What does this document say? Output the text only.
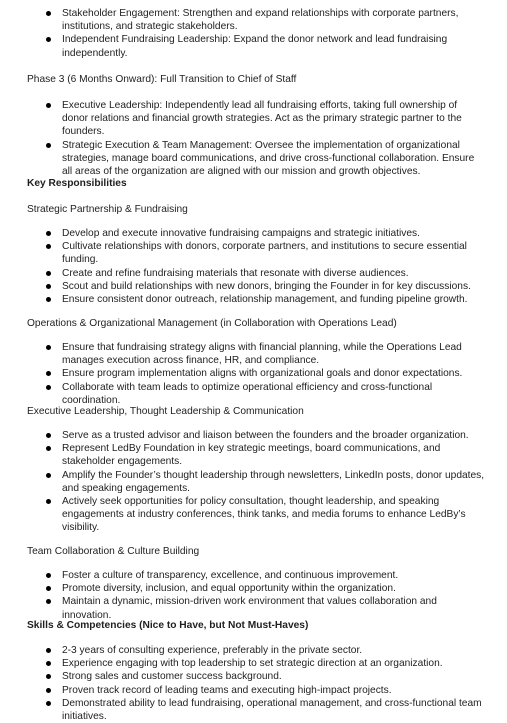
Stakeholder Engagement: Strengthen and expand relationships with corporate partners, institutions, and strategic stakeholders.
Independent Fundraising Leadership: Expand the donor network and lead fundraising independently.

Phase 3 (6 Months Onward): Full Transition to Chief of Staff

Executive Leadership: Independently lead all fundraising efforts, taking full ownership of donor relations and financial growth strategies. Act as the primary strategic partner to the founders.
Strategic Execution & Team Management: Oversee the implementation of organizational strategies, manage board communications, and drive cross-functional collaboration. Ensure all areas of the organization are aligned with our mission and growth objectives.

Key Responsibilities

Strategic Partnership & Fundraising

Develop and execute innovative fundraising campaigns and strategic initiatives.
Cultivate relationships with donors, corporate partners, and institutions to secure essential funding.
Create and refine fundraising materials that resonate with diverse audiences.
Scout and build relationships with new donors, bringing the Founder in for key discussions.
Ensure consistent donor outreach, relationship management, and funding pipeline growth.

Operations & Organizational Management (in Collaboration with Operations Lead)

Ensure that fundraising strategy aligns with financial planning, while the Operations Lead manages execution across finance, HR, and compliance.
Ensure program implementation aligns with organizational goals and donor expectations.
Collaborate with team leads to optimize operational efficiency and cross-functional coordination.

Executive Leadership, Thought Leadership & Communication

Serve as a trusted advisor and liaison between the founders and the broader organization.
Represent LedBy Foundation in key strategic meetings, board communications, and stakeholder engagements.
Amplify the Founder’s thought leadership through newsletters, LinkedIn posts, donor updates, and speaking engagements.
Actively seek opportunities for policy consultation, thought leadership, and speaking engagements at industry conferences, think tanks, and media forums to enhance LedBy’s visibility.

Team Collaboration & Culture Building

Foster a culture of transparency, excellence, and continuous improvement.
Promote diversity, inclusion, and equal opportunity within the organization.
Maintain a dynamic, mission-driven work environment that values collaboration and innovation.

Skills & Competencies (Nice to Have, but Not Must-Haves)

2-3 years of consulting experience, preferably in the private sector.
Experience engaging with top leadership to set strategic direction at an organization.
Strong sales and customer success background.
Proven track record of leading teams and executing high-impact projects.
Demonstrated ability to lead fundraising, operational management, and cross-functional team initiatives.
